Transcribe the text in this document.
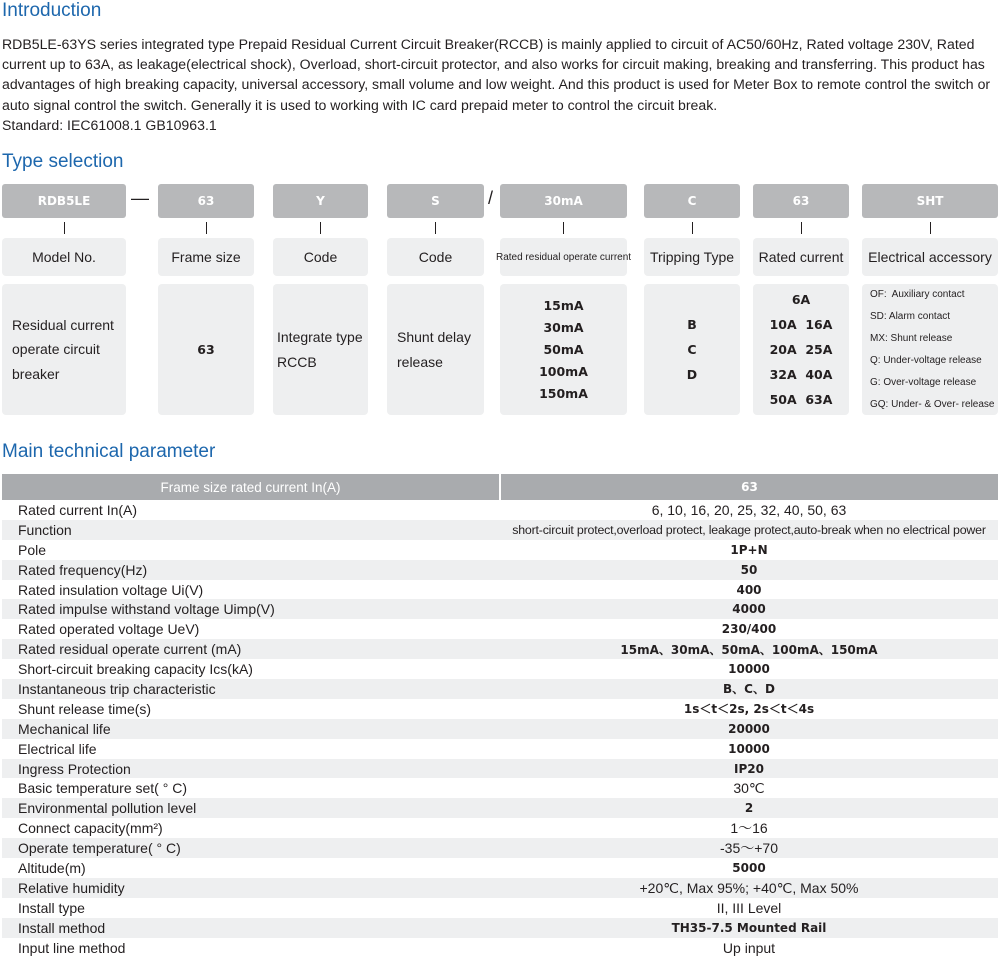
Introduction
RDB5LE-63YS series integrated type Prepaid Residual Current Circuit Breaker(RCCB) is mainly applied to circuit of AC50/60Hz, Rated voltage 230V, Rated current up to 63A, as leakage(electrical shock), Overload, short-circuit protector, and also works for circuit making, breaking and transferring. This product has advantages of high breaking capacity, universal accessory, small volume and low weight. And this product is used for Meter Box to remote control the switch or auto signal control the switch. Generally it is used to working with IC card prepaid meter to control the circuit break.
Standard: IEC61008.1 GB10963.1
Type selection
RDB5LE	—	63	Y	S	/	30mA	C	63	SHT
Model No.	Frame size	Code	Code	Rated residual operate current	Tripping Type	Rated current	Electrical accessory
Residual current
operate circuit
breaker
63
Integrate type
RCCB
Shunt delay
release
15mA
30mA
50mA
100mA
150mA
B
C
D
6A
10A  16A
20A  25A
32A  40A
50A  63A
OF:  Auxiliary contact
SD: Alarm contact
MX: Shunt release
Q: Under-voltage release
G: Over-voltage release
GQ: Under- & Over- release
Main technical parameter
Frame size rated current In(A)	63
Rated current In(A)	6, 10, 16, 20, 25, 32, 40, 50, 63
Function	short-circuit protect,overload protect, leakage protect,auto-break when no electrical power
Pole	1P+N
Rated frequency(Hz)	50
Rated insulation voltage Ui(V)	400
Rated impulse withstand voltage Uimp(V)	4000
Rated operated voltage UeV)	230/400
Rated residual operate current (mA)	15mA、30mA、50mA、100mA、150mA
Short-circuit breaking capacity Ics(kA)	10000
Instantaneous trip characteristic	B、C、D
Shunt release time(s)	1s＜t＜2s, 2s＜t＜4s
Mechanical life	20000
Electrical life	10000
Ingress Protection	IP20
Basic temperature set( ° C)	30℃
Environmental pollution level	2
Connect capacity(mm²)	1～16
Operate temperature( ° C)	-35～+70
Altitude(m)	5000
Relative humidity	+20℃, Max 95%; +40℃, Max 50%
Install type	II, III Level
Install method	TH35-7.5 Mounted Rail
Input line method	Up input
